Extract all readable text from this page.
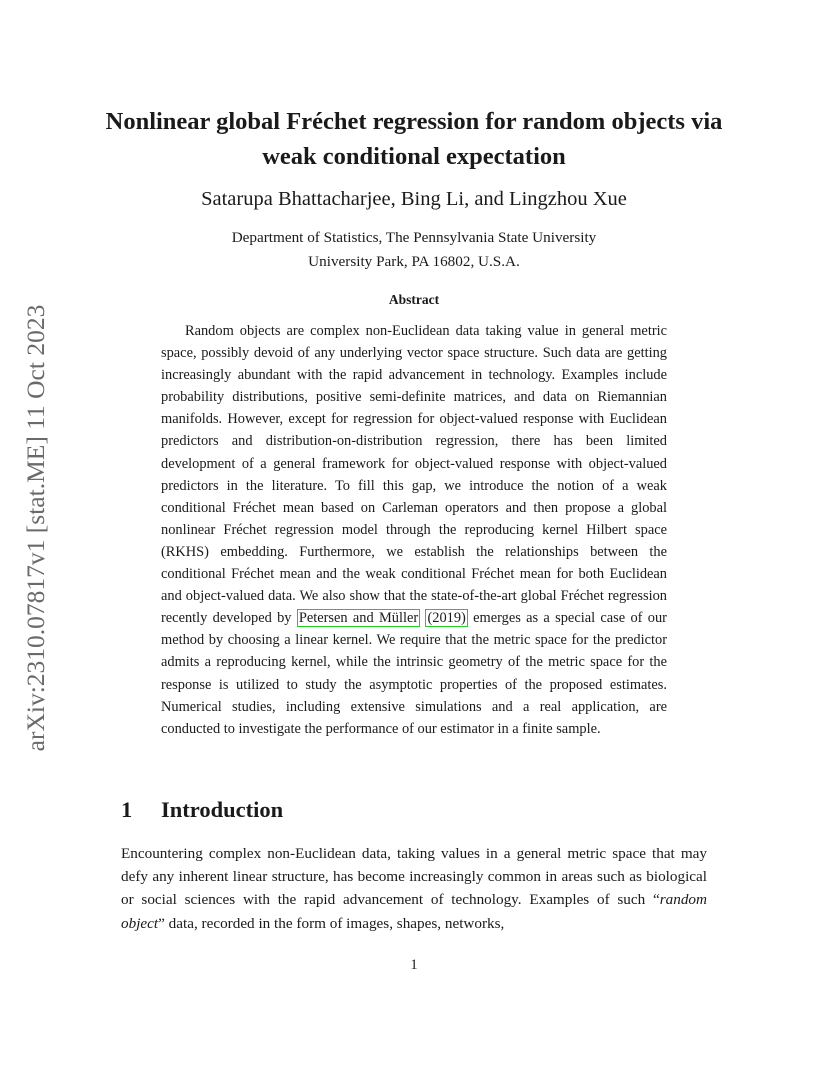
arXiv:2310.07817v1 [stat.ME] 11 Oct 2023
Nonlinear global Fréchet regression for random objects via weak conditional expectation
Satarupa Bhattacharjee, Bing Li, and Lingzhou Xue
Department of Statistics, The Pennsylvania State University
University Park, PA 16802, U.S.A.
Abstract

Random objects are complex non-Euclidean data taking value in general metric space, possibly devoid of any underlying vector space structure. Such data are getting increasingly abundant with the rapid advancement in technology. Examples include probability distributions, positive semi-definite matrices, and data on Riemannian manifolds. However, except for regression for object-valued response with Euclidean predictors and distribution-on-distribution regression, there has been limited development of a general framework for object-valued response with object-valued predictors in the literature. To fill this gap, we introduce the notion of a weak conditional Fréchet mean based on Carleman operators and then propose a global nonlinear Fréchet regression model through the reproducing kernel Hilbert space (RKHS) embedding. Furthermore, we establish the relationships between the conditional Fréchet mean and the weak conditional Fréchet mean for both Euclidean and object-valued data. We also show that the state-of-the-art global Fréchet regression recently developed by Petersen and Müller (2019) emerges as a special case of our method by choosing a linear kernel. We require that the metric space for the predictor admits a reproducing kernel, while the intrinsic geometry of the metric space for the response is utilized to study the asymptotic properties of the proposed estimates. Numerical studies, including extensive simulations and a real application, are conducted to investigate the performance of our estimator in a finite sample.

1 Introduction

Encountering complex non-Euclidean data, taking values in a general metric space that may defy any inherent linear structure, has become increasingly common in areas such as biological or social sciences with the rapid advancement of technology. Examples of such “random object” data, recorded in the form of images, shapes, networks,

1
